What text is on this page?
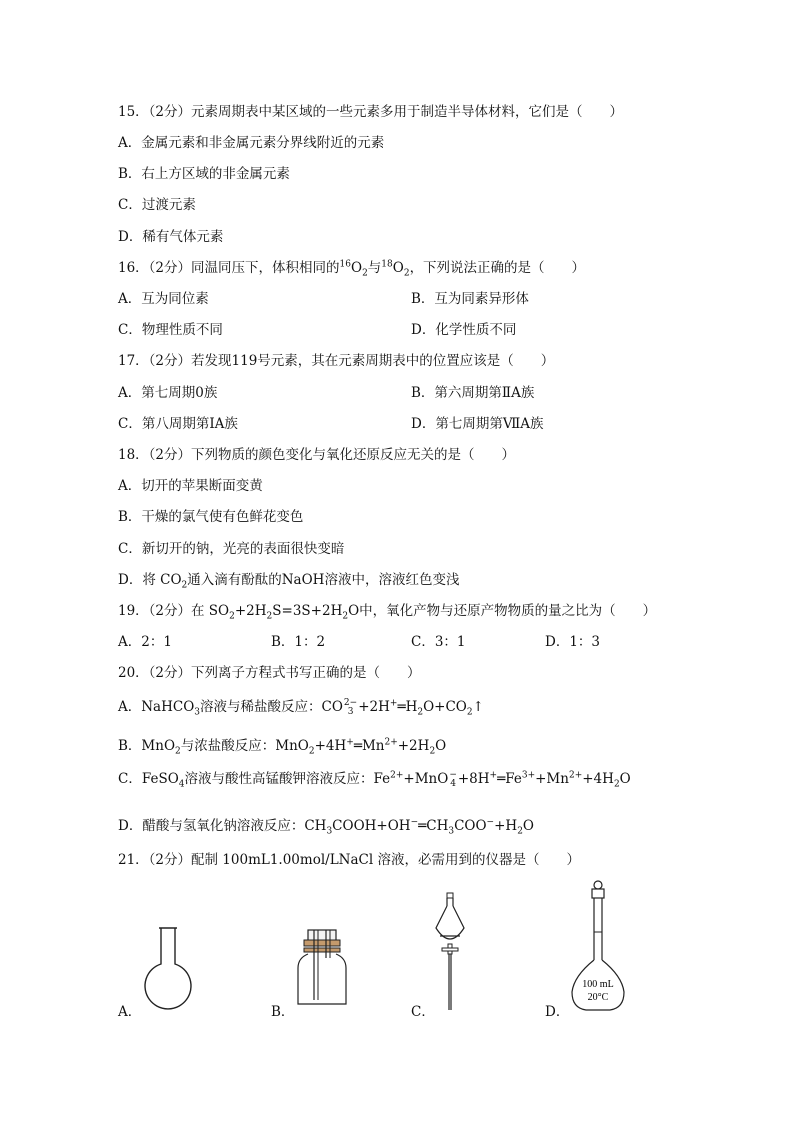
15．（2分）元素周期表中某区域的一些元素多用于制造半导体材料，它们是（　　）
A．金属元素和非金属元素分界线附近的元素
B．右上方区域的非金属元素
C．过渡元素
D．稀有气体元素
16．（2分）同温同压下，体积相同的$^{16}O_2$与$^{18}O_2$，下列说法正确的是（　　）
A．互为同位素	B．互为同素异形体
C．物理性质不同	D．化学性质不同
17．（2分）若发现119号元素，其在元素周期表中的位置应该是（　　）
A．第七周期0族	B．第六周期第ⅡA族
C．第八周期第ⅠA族	D．第七周期第ⅦA族
18．（2分）下列物质的颜色变化与氧化还原反应无关的是（　　）
A．切开的苹果断面变黄
B．干燥的氯气使有色鲜花变色
C．新切开的钠，光亮的表面很快变暗
D．将 $CO_2$通入滴有酚酞的NaOH溶液中，溶液红色变浅
19．（2分）在 $SO_2+2H_2S=3S+2H_2O$中，氧化产物与还原产物物质的量之比为（　　）
A．2：1	B．1：2	C．3：1	D．1：3
20．（2分）下列离子方程式书写正确的是（　　）
A．NaHCO$_3$溶液与稀盐酸反应：CO 2−
$3 +2H^+═H_2O+CO_2↑$
B．MnO$_2$与浓盐酸反应：$MnO_2+4H^+═Mn^{2+}+2H_2O$
C．FeSO$_4$溶液与酸性高锰酸钾溶液反应：$Fe^{2+}+MnO$ −
$4 +8H^+═Fe^{3+}+Mn^{2+}+4H_2O$
D．醋酸与氢氧化钠溶液反应：$CH_3COOH+OH^-═CH_3COO^-+H_2O$
21．（2分）配制 100mL1.00mol/LNaCl 溶液，必需用到的仪器是（　　）
A．	B．	C．	D．
100 mL
20°C
